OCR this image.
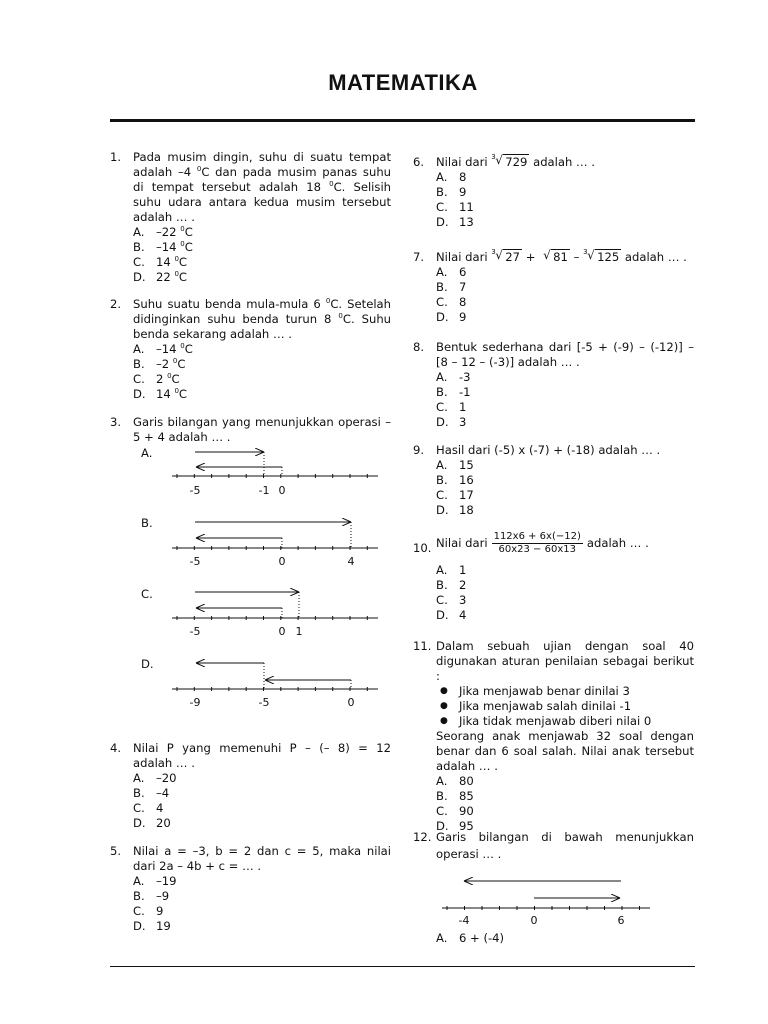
MATEMATIKA
1. Pada musim dingin, suhu di suatu tempat adalah –4 $^0$C dan pada musim panas suhu di tempat tersebut adalah 18 $^0$C. Selisih suhu udara antara kedua musim tersebut adalah … .
A. –22 $^0$C
B. –14 $^0$C
C. 14 $^0$C
D. 22 $^0$C
2. Suhu suatu benda mula-mula 6 $^0$C. Setelah didinginkan suhu benda turun 8 $^0$C. Suhu benda sekarang adalah … .
A. –14 $^0$C
B. –2 $^0$C
C. 2 $^0$C
D. 14 $^0$C
3. Garis bilangan yang menunjukkan operasi –5 + 4 adalah … .
A.
B.
C.
D.
-5	-1 0
-5	0	4
-5	0 1
-9	-5	0
-4	0	6
4. Nilai P yang memenuhi P – (– 8) = 12 adalah … .
A. –20
B. –4
C. 4
D. 20
5. Nilai a = –3, b = 2 dan c = 5, maka nilai dari 2a – 4b + c = … .
A. –19
B. –9
C. 9
D. 19
6. Nilai dari 3 √ 729 adalah … .
A. 8
B. 9
C. 11
D. 13
7. Nilai dari 3 √ 27 + √ 81 – 3 √ 125 adalah … .
A. 6
B. 7
C. 8
D. 9
8. Bentuk sederhana dari [-5 + (-9) – (-12)] – [8 – 12 – (-3)] adalah … .
A. -3
B. -1
C. 1
D. 3
9. Hasil dari (-5) x (-7) + (-18) adalah … .
A. 15
B. 16
C. 17
D. 18
10. Nilai dari $\frac{112x6 + 6x(-12)}{60x23 - 60x13}$ adalah … .
A. 1
B. 2
C. 3
D. 4
11. Dalam sebuah ujian dengan soal 40 digunakan aturan penilaian sebagai berikut :
● Jika menjawab benar dinilai 3
● Jika menjawab salah dinilai -1
● Jika tidak menjawab diberi nilai 0
Seorang anak menjawab 32 soal dengan benar dan 6 soal salah. Nilai anak tersebut adalah … .
A. 80
B. 85
C. 90
D. 95
12. Garis bilangan di bawah menunjukkan operasi … .
A. 6 + (-4)
